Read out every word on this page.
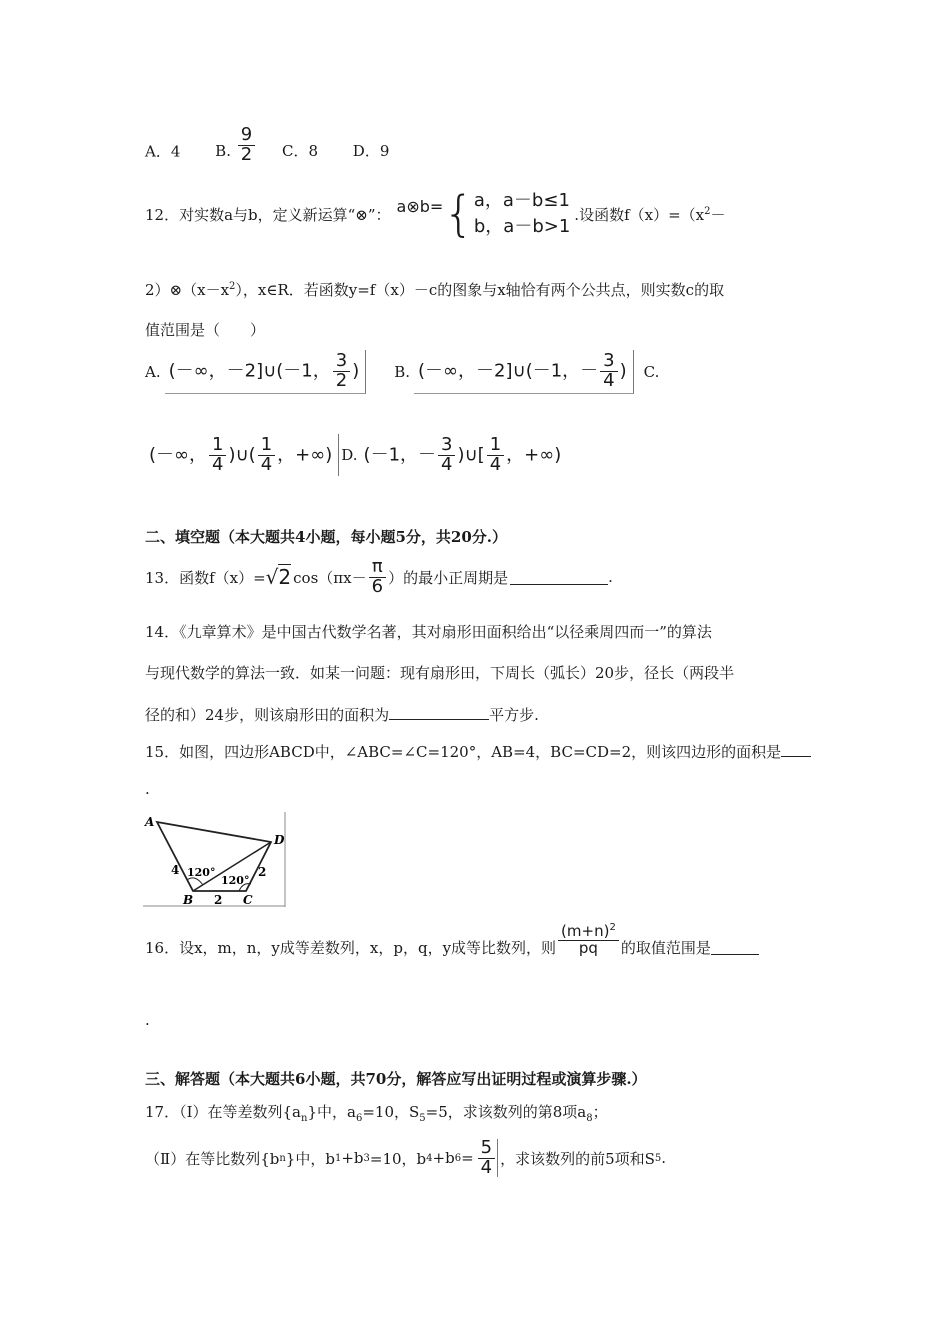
A．4 B. $\frac{9}{2}$ C．8 D．9
12．对实数a与b，定义新运算“⊗”： a⊗b= { a，a－b≤1
b，a－b>1
.设函数$f(x)=(x^2-$
$2)\otimes(x-x^2)$，x∈R．若函数y=f（x）－c的图象与x轴恰有两个公共点，则实数c的取
值范围是（　　）
A. (－∞，－2]∪(－1， $\frac{3}{2}$ )	B. (－∞，－2]∪(－1，－ $\frac{3}{4}$ )	C.
(－∞， $\frac{1}{4}$ )∪( $\frac{1}{4}$ ，+∞) D. (－1，－ $\frac{3}{4}$ )∪[ $\frac{1}{4}$ ，+∞)
二、填空题（本大题共4小题，每小题5分，共20分.）
13．函数f（x）= √2 $\cos(\pi x- \frac{\pi}{6}$ ）的最小正周期是	.
14．《九章算术》是中国古代数学名著，其对扇形田面积给出“以径乘周四而一”的算法
与现代数学的算法一致．如某一问题：现有扇形田，下周长（弧长）20步，径长（两段半
径的和）24步，则该扇形田的面积为	平方步.
15．如图，四边形ABCD中，∠ABC=∠C=120°，AB=4，BC=CD=2，则该四边形的面积是
.
A
D
B	C
4
2
2
120°
120°
16．设x，m，n，y成等差数列，x，p，q，y成等比数列，则 $\frac{(m+n)^2}{pq}$ 的取值范围是
.
三、解答题（本大题共6小题，共70分，解答应写出证明过程或演算步骤.）
17．（Ⅰ）在等差数列$\{a_n\}$中，$a_6=10$，$S_5=5$，求该数列的第8项$a_8$；
（Ⅱ）在等比数列{b n }中，b 1 +b 3 =10，b 4 +b $6 = \frac{5}{4}$ ，求该数列的前5项和S 5 .
